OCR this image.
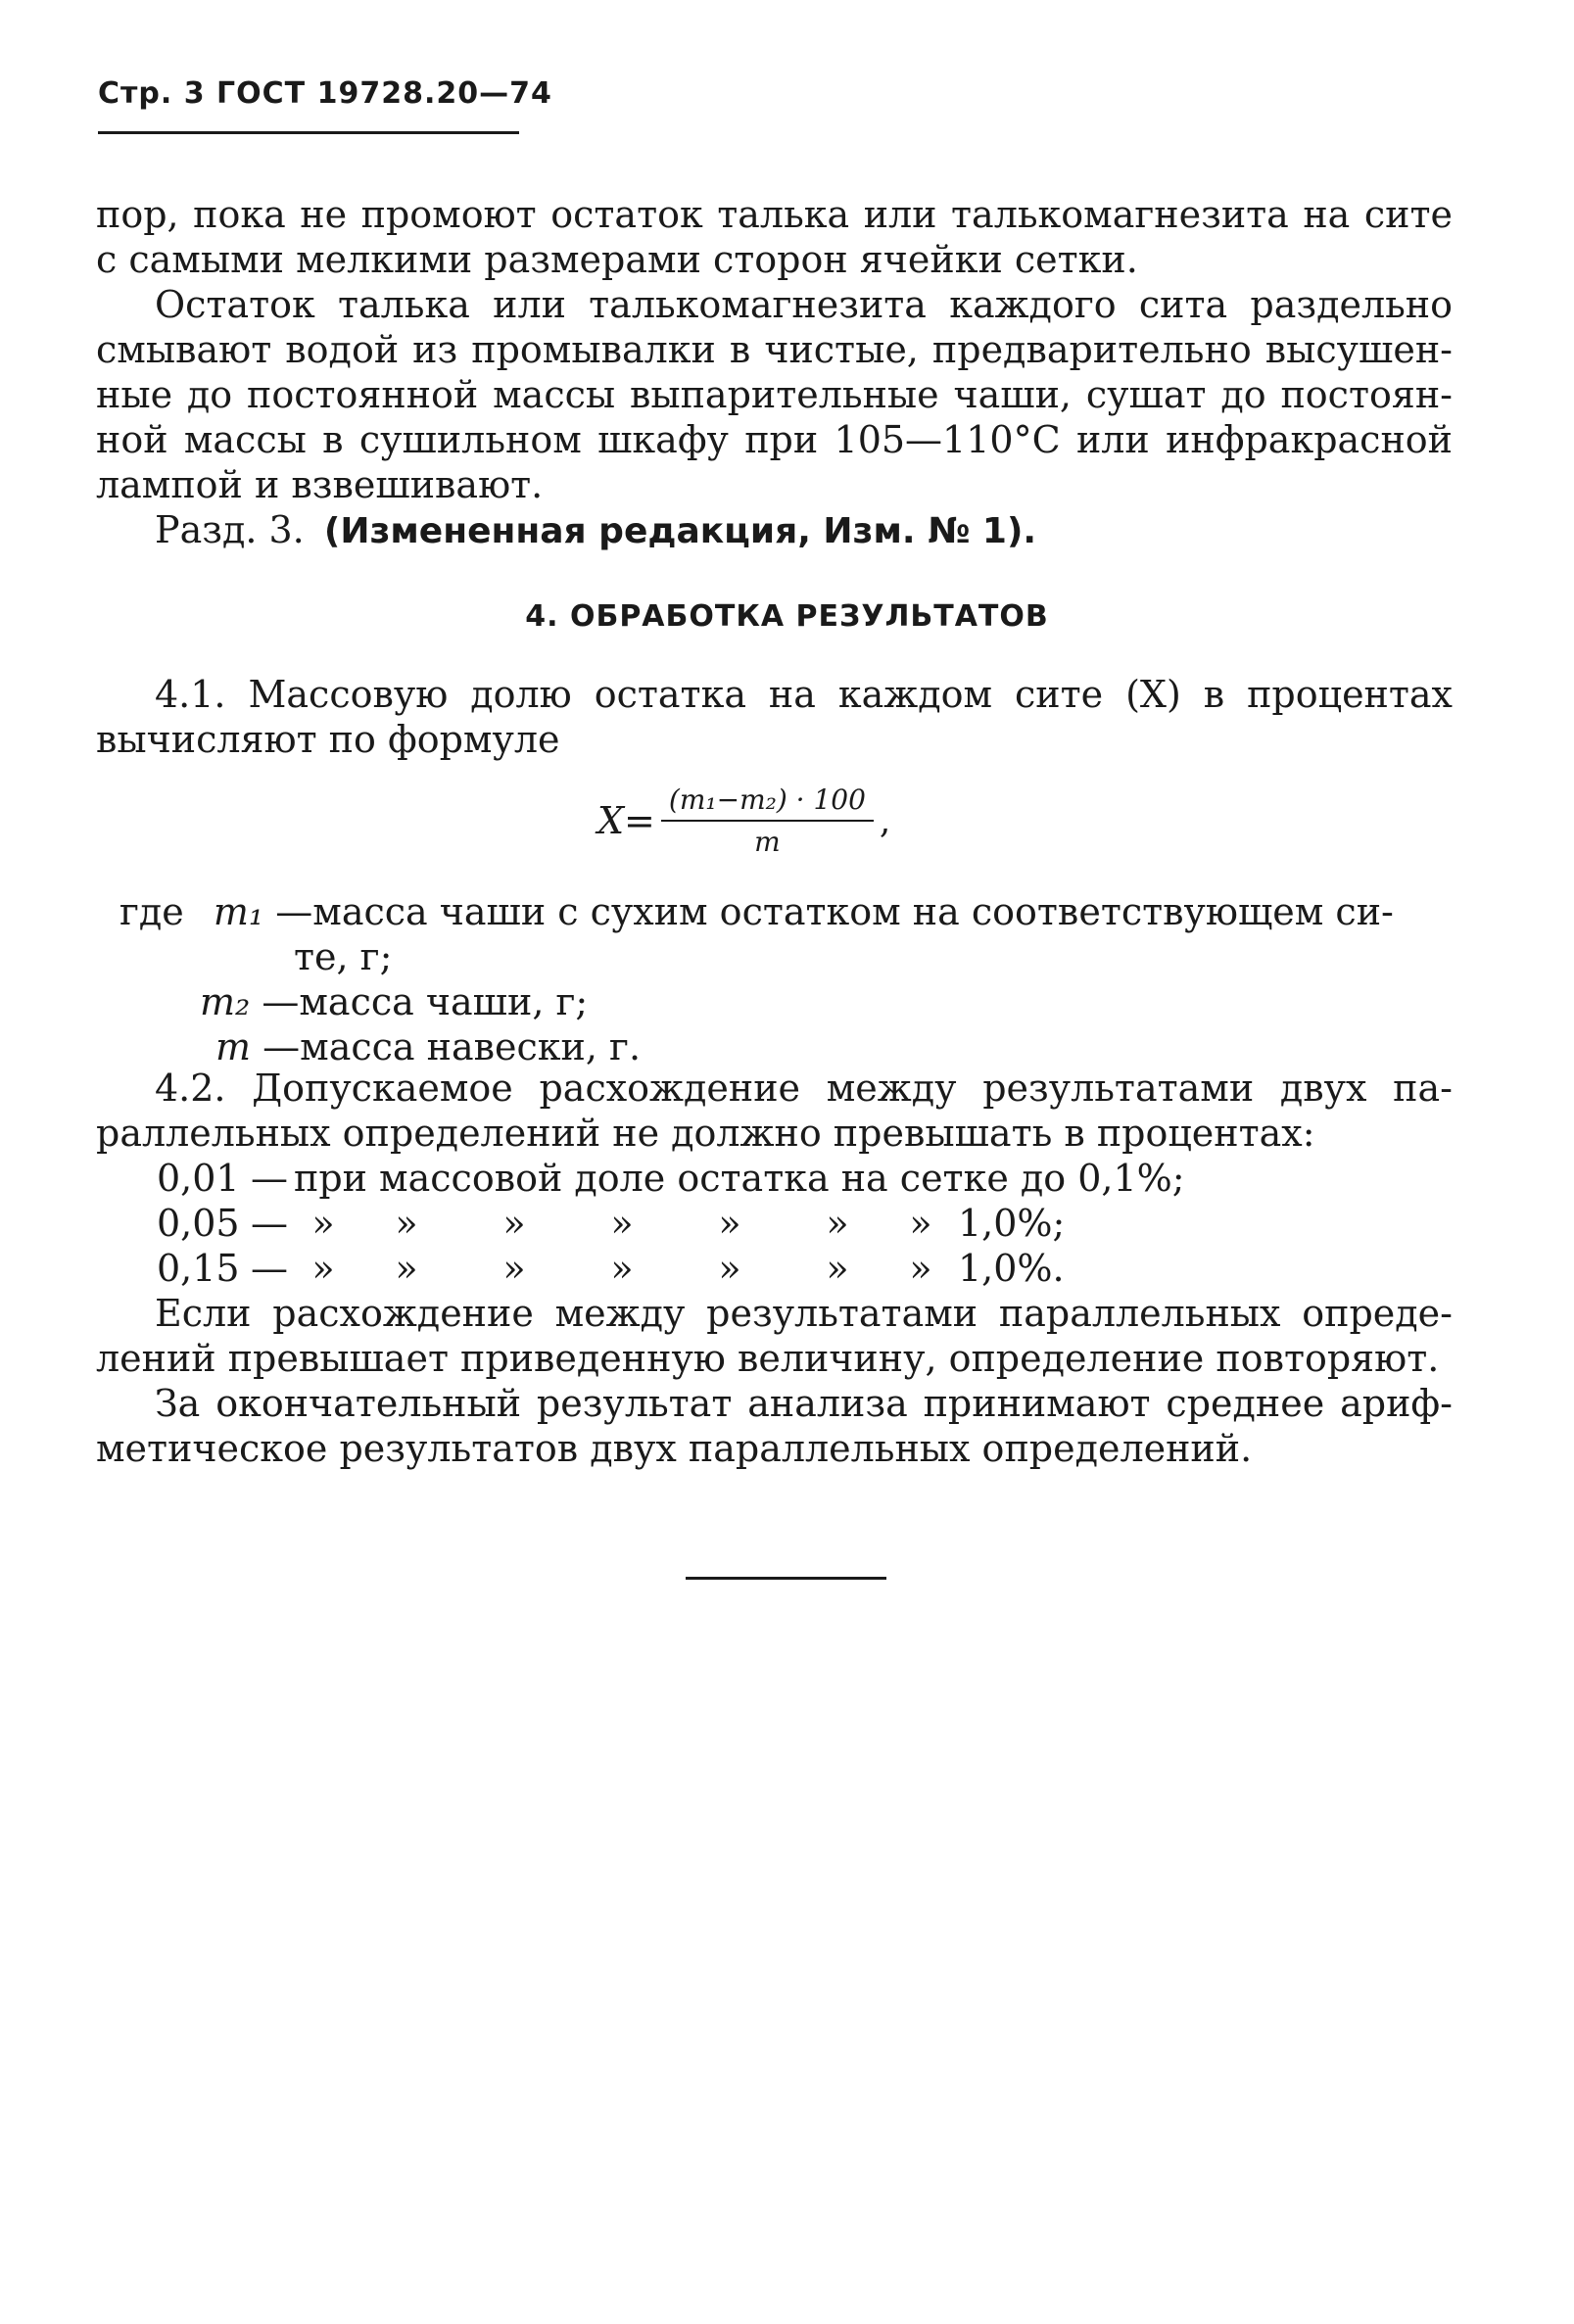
Стр. 3 ГОСТ 19728.20—74
пор, пока не промоют остаток талька или талькомагнезита на сите
с самыми мелкими размерами сторон ячейки сетки.
Остаток талька или талькомагнезита каждого сита раздельно
смывают водой из промывалки в чистые, предварительно высушен-
ные до постоянной массы выпарительные чаши, сушат до постоян-
ной массы в сушильном шкафу при 105—110°С или инфракрасной
лампой и взвешивают.
Разд. 3. (Измененная редакция, Изм. № 1).
4. ОБРАБОТКА РЕЗУЛЬТАТОВ
4.1. Массовую долю остатка на каждом сите (X) в процентах
вычисляют по формуле
$X= \frac{\text{(m₁−m₂) · 100}}{m}$ ,
где m₁ —масса чаши с сухим остатком на соответствующем си-
те, г;
m₂ —масса чаши, г;
m —масса навески, г.
4.2. Допускаемое расхождение между результатами двух па-
раллельных определений не должно превышать в процентах:
0,01 — при массовой доле остатка на сетке до 0,1%;
0,05 — »	»	»	»	»	»	» 1,0%;
0,15 — »	»	»	»	»	»	» 1,0%.
Если расхождение между результатами параллельных опреде-
лений превышает приведенную величину, определение повторяют.
За окончательный результат анализа принимают среднее ариф-
метическое результатов двух параллельных определений.
